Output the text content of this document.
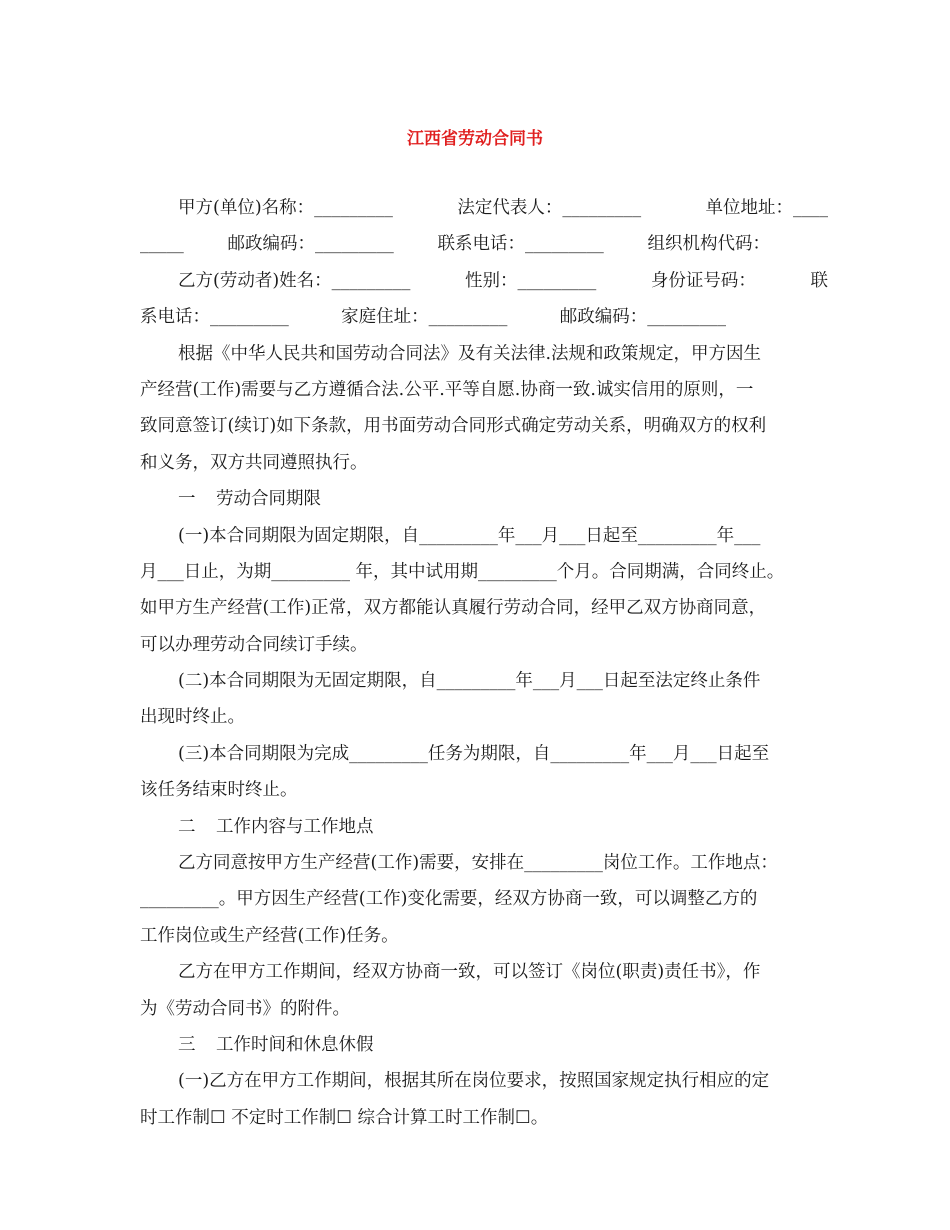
江西省劳动合同书
甲方(单位)名称：_________	法定代表人：_________	单位地址：____
_____	邮政编码：_________	联系电话：_________	组织机构代码：
乙方(劳动者)姓名：_________	性别：_________	身份证号码：	联
系电话：_________	家庭住址：_________	邮政编码：_________
根据《中华人民共和国劳动合同法》及有关法律.法规和政策规定，甲方因生
产经营(工作)需要与乙方遵循合法.公平.平等自愿.协商一致.诚实信用的原则，一
致同意签订(续订)如下条款，用书面劳动合同形式确定劳动关系，明确双方的权利
和义务，双方共同遵照执行。
一 劳动合同期限
(一)本合同期限为固定期限，自_________年___月___日起至_________年___
月___日止，为期_________ 年，其中试用期_________个月。合同期满，合同终止。
如甲方生产经营(工作)正常，双方都能认真履行劳动合同，经甲乙双方协商同意，
可以办理劳动合同续订手续。
(二)本合同期限为无固定期限，自_________年___月___日起至法定终止条件
出现时终止。
(三)本合同期限为完成_________任务为期限，自_________年___月___日起至
该任务结束时终止。
二 工作内容与工作地点
乙方同意按甲方生产经营(工作)需要，安排在_________岗位工作。工作地点：
_________。甲方因生产经营(工作)变化需要，经双方协商一致，可以调整乙方的
工作岗位或生产经营(工作)任务。
乙方在甲方工作期间，经双方协商一致，可以签订《岗位(职责)责任书》，作
为《劳动合同书》的附件。
三 工作时间和休息休假
(一)乙方在甲方工作期间，根据其所在岗位要求，按照国家规定执行相应的定
时工作制☐ 不定时工作制☐ 综合计算工时工作制☐。
